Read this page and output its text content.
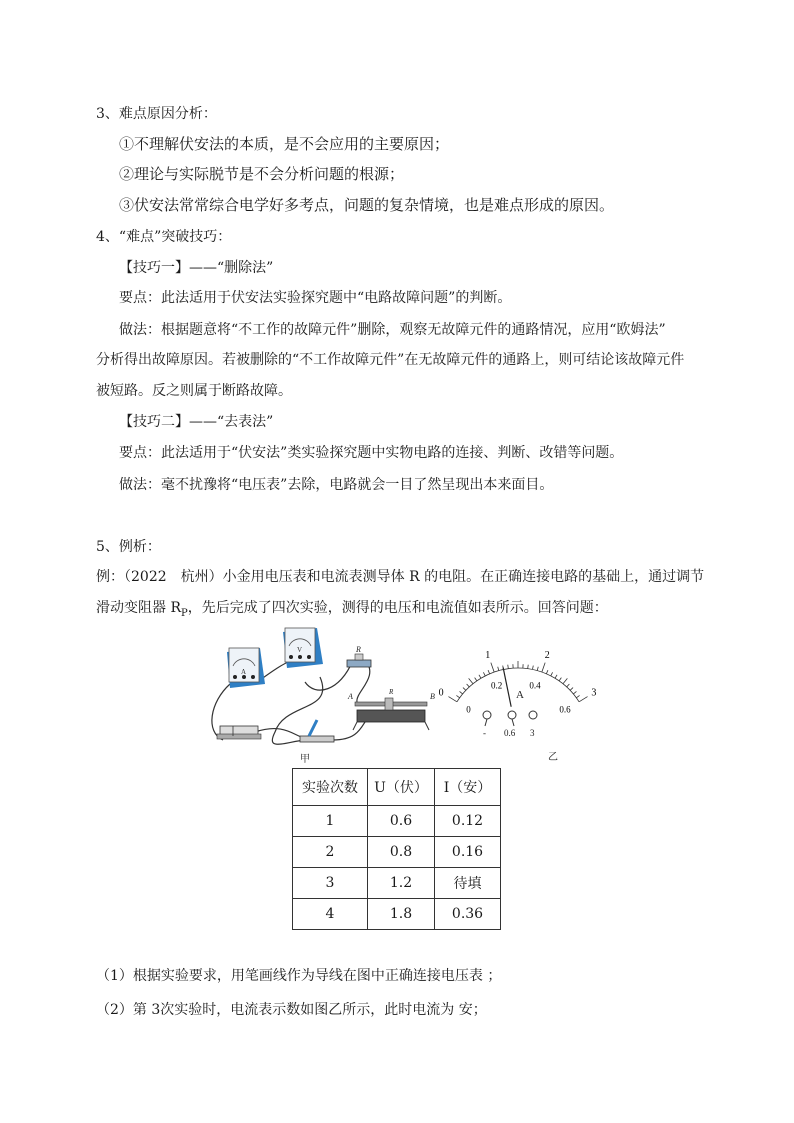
3、难点原因分析：
①不理解伏安法的本质，是不会应用的主要原因；
②理论与实际脱节是不会分析问题的根源；
③伏安法常常综合电学好多考点，问题的复杂情境，也是难点形成的原因。
4、“难点”突破技巧：
【技巧一】——“删除法”
要点：此法适用于伏安法实验探究题中“电路故障问题”的判断。
做法：根据题意将“不工作的故障元件”删除，观察无故障元件的通路情况，应用“欧姆法”
分析得出故障原因。若被删除的“不工作故障元件”在无故障元件的通路上，则可结论该故障元件
被短路。反之则属于断路故障。
【技巧二】——“去表法”
要点：此法适用于“伏安法”类实验探究题中实物电路的连接、判断、改错等问题。
做法：毫不扰豫将“电压表”去除，电路就会一目了然呈现出本来面目。
5、例析：
例：（2022　杭州）小金用电压表和电流表测导体 R 的电阻。在正确连接电路的基础上，通过调节
滑动变阻器 $R_P$，先后完成了四次实验，测得的电压和电流值如表所示。回答问题：
A
V	R
A	B
R
甲
0
1	2
3
0
0.2	0.4
0.6
A
- 0.6 3
乙
实验次数	U（伏）	I（安）
1	0.6	0.12
2	0.8	0.16
3	1.2	待填
4	1.8	0.36
（1）根据实验要求，用笔画线作为导线在图中正确连接电压表 ；
（2）第 3次实验时，电流表示数如图乙所示，此时电流为 安；
